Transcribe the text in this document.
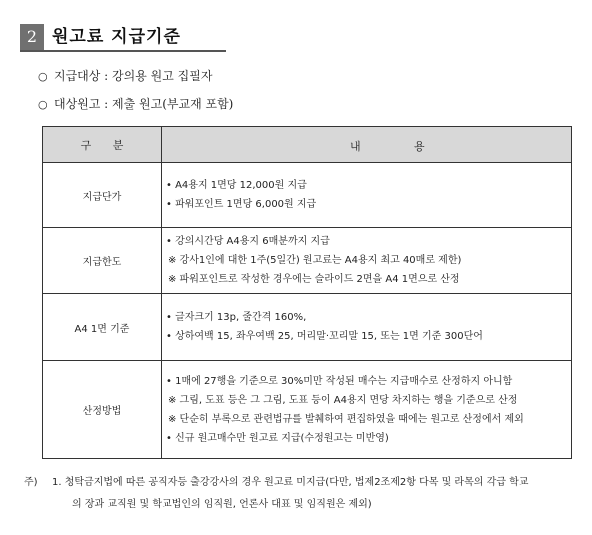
2 원고료 지급기준
○ 지급대상 : 강의용 원고 집필자
○ 대상원고 : 제출 원고(부교재 포함)
구 분	내 용

지급단가	• A4용지 1면당 12,000원 지급
• 파워포인트 1면당 6,000원 지급

지급한도	• 강의시간당 A4용지 6매분까지 지급
※ 강사1인에 대한 1주(5일간) 원고료는 A4용지 최고 40매로 제한)
※ 파워포인트로 작성한 경우에는 슬라이드 2면을 A4 1면으로 산정

A4 1면 기준	• 글자크기 13p, 줄간격 160%,
• 상하여백 15, 좌우여백 25, 머리말·꼬리말 15, 또는 1면 기준 300단어

산정방법	• 1매에 27행을 기준으로 30%미만 작성된 매수는 지급매수로 산정하지 아니함
※ 그림, 도표 등은 그 그림, 도표 등이 A4용지 면당 차지하는 행을 기준으로 산정
※ 단순히 부록으로 관련법규를 발췌하여 편집하였을 때에는 원고로 산정에서 제외
• 신규 원고매수만 원고료 지급(수정원고는 미반영)
주) 1. 청탁금지법에 따른 공직자등 출강강사의 경우 원고료 미지급(다만, 법제2조제2항 다목 및 라목의 각급 학교
의 장과 교직원 및 학교법인의 임직원, 언론사 대표 및 임직원은 제외)
